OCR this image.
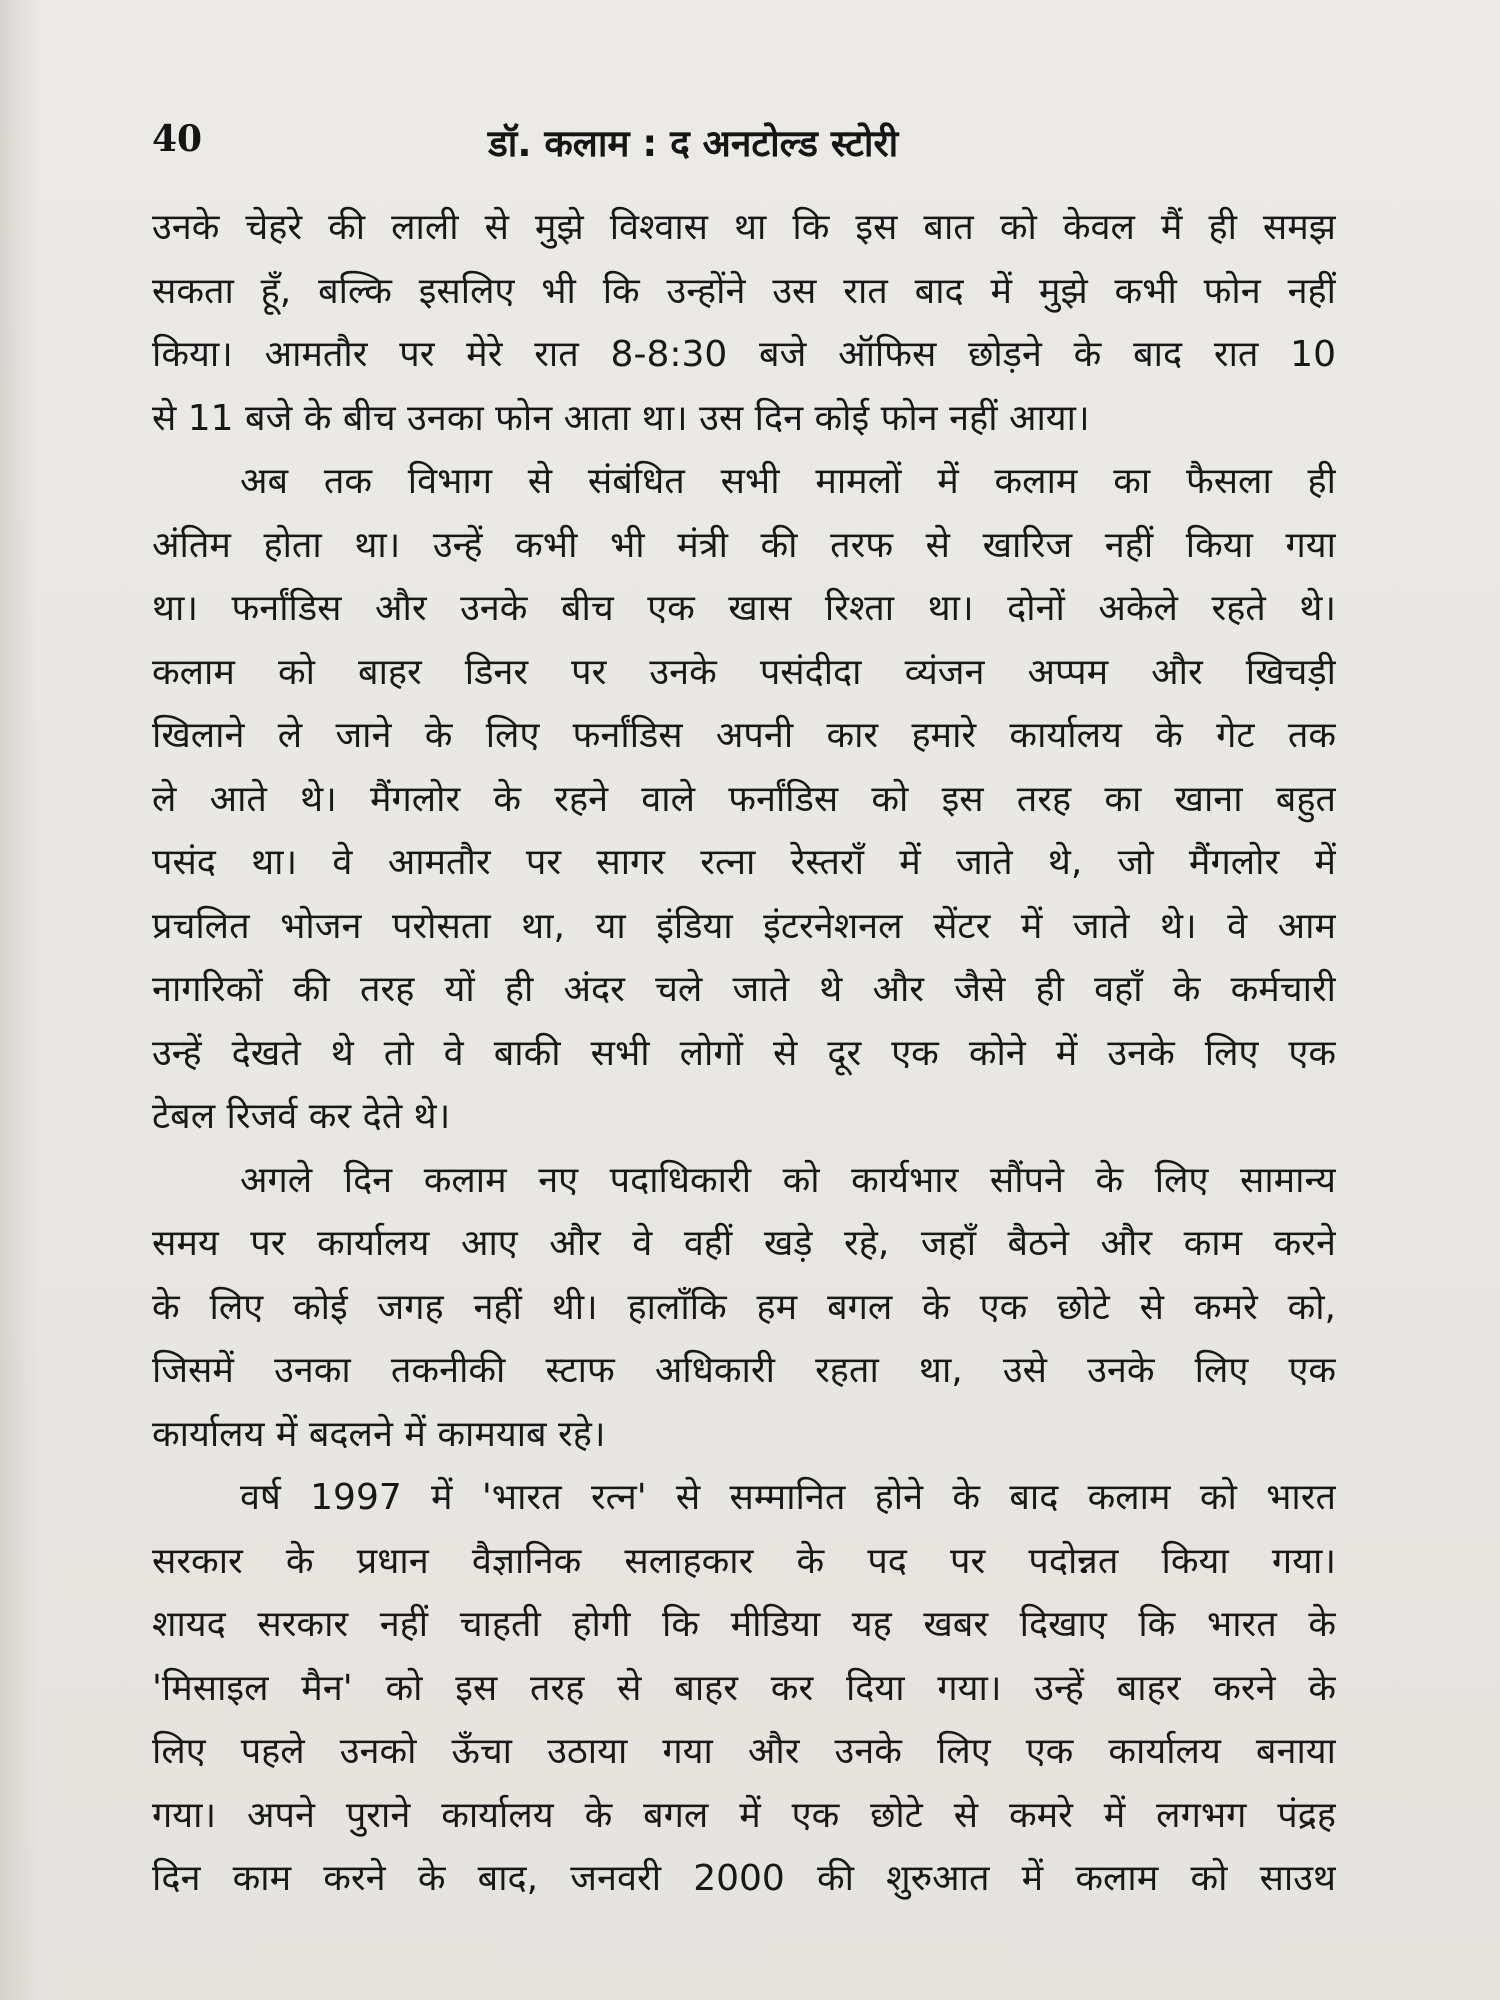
40	डॉ. कलाम : द अनटोल्ड स्टोरी
उनके चेहरे की लाली से मुझे विश्वास था कि इस बात को केवल मैं ही समझ
सकता हूँ, बल्कि इसलिए भी कि उन्होंने उस रात बाद में मुझे कभी फोन नहीं
किया। आमतौर पर मेरे रात 8-8:30 बजे ऑफिस छोड़ने के बाद रात 10
से 11 बजे के बीच उनका फोन आता था। उस दिन कोई फोन नहीं आया।
अब तक विभाग से संबंधित सभी मामलों में कलाम का फैसला ही
अंतिम होता था। उन्हें कभी भी मंत्री की तरफ से खारिज नहीं किया गया
था। फर्नांडिस और उनके बीच एक खास रिश्ता था। दोनों अकेले रहते थे।
कलाम को बाहर डिनर पर उनके पसंदीदा व्यंजन अप्पम और खिचड़ी
खिलाने ले जाने के लिए फर्नांडिस अपनी कार हमारे कार्यालय के गेट तक
ले आते थे। मैंगलोर के रहने वाले फर्नांडिस को इस तरह का खाना बहुत
पसंद था। वे आमतौर पर सागर रत्ना रेस्तराँ में जाते थे, जो मैंगलोर में
प्रचलित भोजन परोसता था, या इंडिया इंटरनेशनल सेंटर में जाते थे। वे आम
नागरिकों की तरह यों ही अंदर चले जाते थे और जैसे ही वहाँ के कर्मचारी
उन्हें देखते थे तो वे बाकी सभी लोगों से दूर एक कोने में उनके लिए एक
टेबल रिजर्व कर देते थे।
अगले दिन कलाम नए पदाधिकारी को कार्यभार सौंपने के लिए सामान्य
समय पर कार्यालय आए और वे वहीं खड़े रहे, जहाँ बैठने और काम करने
के लिए कोई जगह नहीं थी। हालाँकि हम बगल के एक छोटे से कमरे को,
जिसमें उनका तकनीकी स्टाफ अधिकारी रहता था, उसे उनके लिए एक
कार्यालय में बदलने में कामयाब रहे।
वर्ष 1997 में 'भारत रत्न' से सम्मानित होने के बाद कलाम को भारत
सरकार के प्रधान वैज्ञानिक सलाहकार के पद पर पदोन्नत किया गया।
शायद सरकार नहीं चाहती होगी कि मीडिया यह खबर दिखाए कि भारत के
'मिसाइल मैन' को इस तरह से बाहर कर दिया गया। उन्हें बाहर करने के
लिए पहले उनको ऊँचा उठाया गया और उनके लिए एक कार्यालय बनाया
गया। अपने पुराने कार्यालय के बगल में एक छोटे से कमरे में लगभग पंद्रह
दिन काम करने के बाद, जनवरी 2000 की शुरुआत में कलाम को साउथ
